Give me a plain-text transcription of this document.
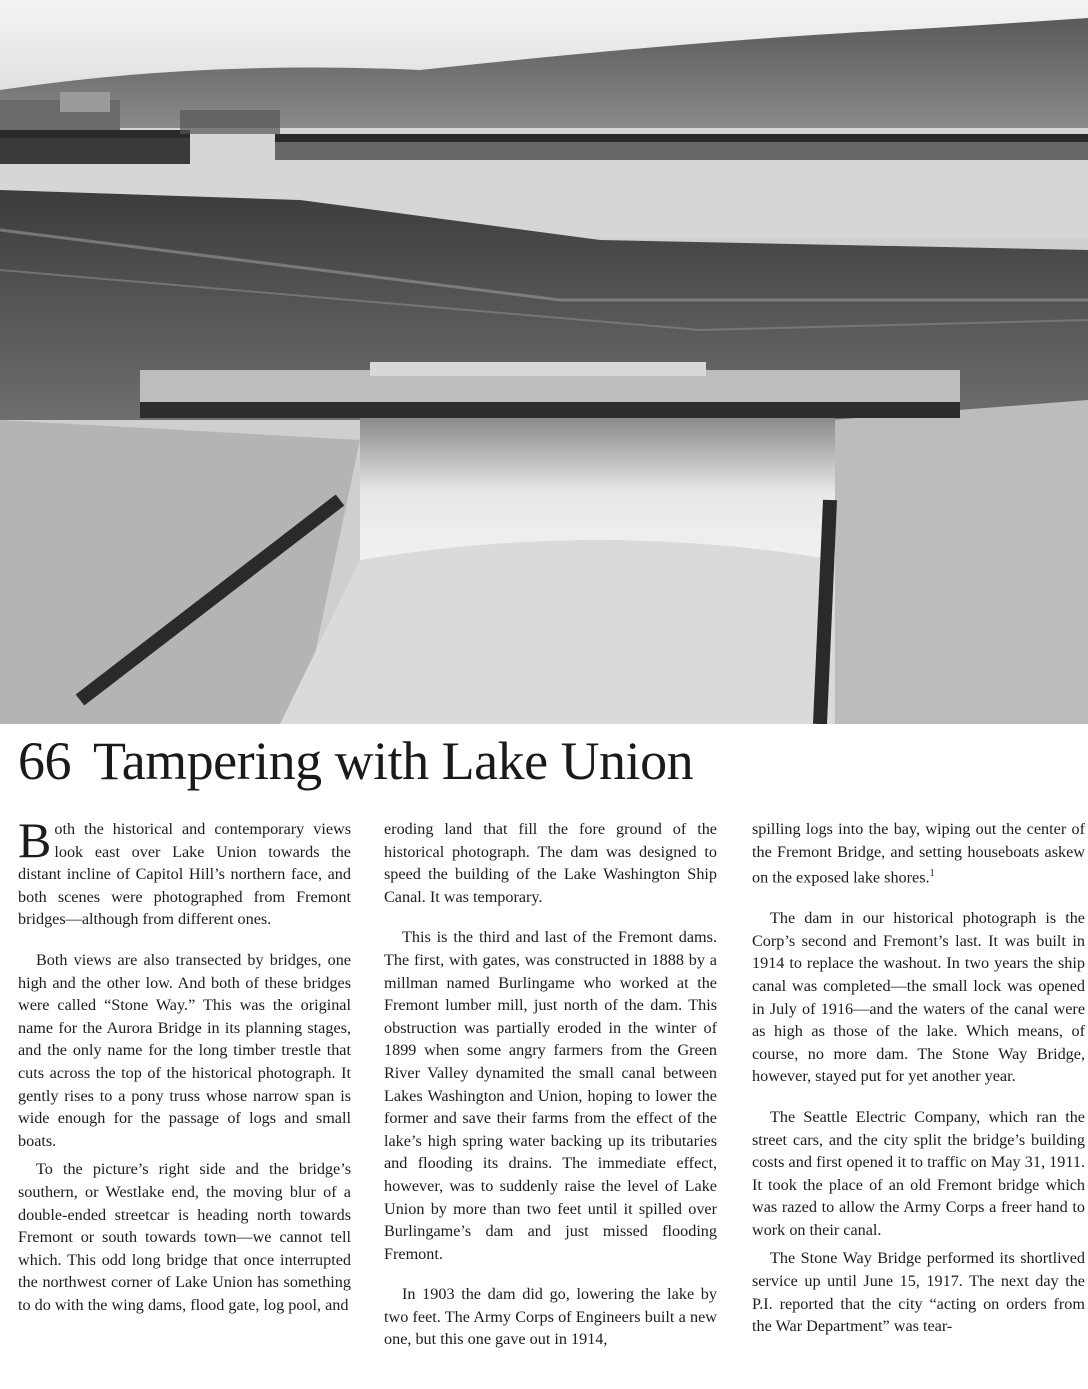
66 Tampering with Lake Union

Both the historical and contemporary views look east over Lake Union towards the distant incline of Capitol Hill’s northern face, and both scenes were photographed from Fremont bridges—although from different ones.

Both views are also transected by bridges, one high and the other low. And both of these bridges were called “Stone Way.” This was the original name for the Aurora Bridge in its planning stages, and the only name for the long timber trestle that cuts across the top of the historical photograph. It gently rises to a pony truss whose narrow span is wide enough for the passage of logs and small boats.

To the picture’s right side and the bridge’s southern, or Westlake end, the moving blur of a double-ended streetcar is heading north towards Fremont or south towards town—we cannot tell which. This odd long bridge that once interrupted the northwest corner of Lake Union has something to do with the wing dams, flood gate, log pool, and

eroding land that fill the fore ground of the historical photograph. The dam was designed to speed the building of the Lake Washington Ship Canal. It was temporary.

This is the third and last of the Fremont dams. The first, with gates, was constructed in 1888 by a millman named Burlingame who worked at the Fremont lumber mill, just north of the dam. This obstruction was partially eroded in the winter of 1899 when some angry farmers from the Green River Valley dynamited the small canal between Lakes Washington and Union, hoping to lower the former and save their farms from the effect of the lake’s high spring water backing up its tributaries and flooding its drains. The immediate effect, however, was to suddenly raise the level of Lake Union by more than two feet until it spilled over Burlingame’s dam and just missed flooding Fremont.

In 1903 the dam did go, lowering the lake by two feet. The Army Corps of Engineers built a new one, but this one gave out in 1914,

spilling logs into the bay, wiping out the center of the Fremont Bridge, and setting houseboats askew on the exposed lake shores.$^1$

The dam in our historical photograph is the Corp’s second and Fremont’s last. It was built in 1914 to replace the washout. In two years the ship canal was completed—the small lock was opened in July of 1916—and the waters of the canal were as high as those of the lake. Which means, of course, no more dam. The Stone Way Bridge, however, stayed put for yet another year.

The Seattle Electric Company, which ran the street cars, and the city split the bridge’s building costs and first opened it to traffic on May 31, 1911. It took the place of an old Fremont bridge which was razed to allow the Army Corps a freer hand to work on their canal.

The Stone Way Bridge performed its shortlived service up until June 15, 1917. The next day the P.I. reported that the city “acting on orders from the War Department” was tear-
